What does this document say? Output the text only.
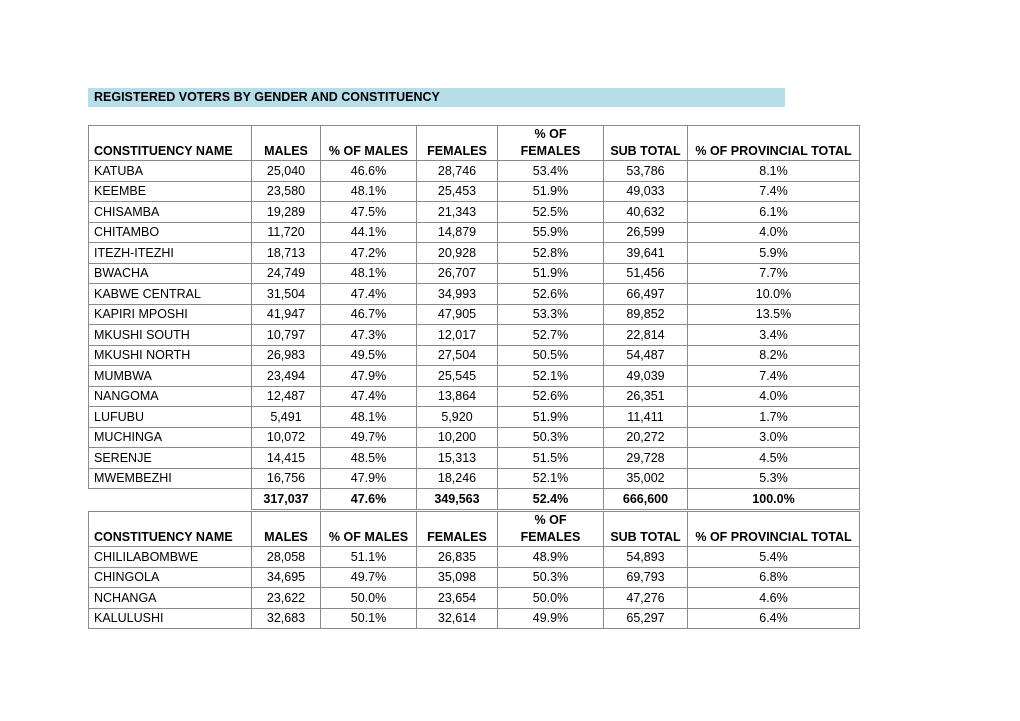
REGISTERED VOTERS BY GENDER AND CONSTITUENCY
CONSTITUENCY NAME	MALES	% OF MALES	FEMALES	% OF FEMALES	SUB TOTAL	% OF PROVINCIAL TOTAL
KATUBA	25,040	46.6%	28,746	53.4%	53,786	8.1%
KEEMBE	23,580	48.1%	25,453	51.9%	49,033	7.4%
CHISAMBA	19,289	47.5%	21,343	52.5%	40,632	6.1%
CHITAMBO	11,720	44.1%	14,879	55.9%	26,599	4.0%
ITEZH-ITEZHI	18,713	47.2%	20,928	52.8%	39,641	5.9%
BWACHA	24,749	48.1%	26,707	51.9%	51,456	7.7%
KABWE CENTRAL	31,504	47.4%	34,993	52.6%	66,497	10.0%
KAPIRI MPOSHI	41,947	46.7%	47,905	53.3%	89,852	13.5%
MKUSHI SOUTH	10,797	47.3%	12,017	52.7%	22,814	3.4%
MKUSHI NORTH	26,983	49.5%	27,504	50.5%	54,487	8.2%
MUMBWA	23,494	47.9%	25,545	52.1%	49,039	7.4%
NANGOMA	12,487	47.4%	13,864	52.6%	26,351	4.0%
LUFUBU	5,491	48.1%	5,920	51.9%	11,411	1.7%
MUCHINGA	10,072	49.7%	10,200	50.3%	20,272	3.0%
SERENJE	14,415	48.5%	15,313	51.5%	29,728	4.5%
MWEMBEZHI	16,756	47.9%	18,246	52.1%	35,002	5.3%
	317,037	47.6%	349,563	52.4%	666,600	100.0%
CONSTITUENCY NAME	MALES	% OF MALES	FEMALES	% OF FEMALES	SUB TOTAL	% OF PROVINCIAL TOTAL
CHILILABOMBWE	28,058	51.1%	26,835	48.9%	54,893	5.4%
CHINGOLA	34,695	49.7%	35,098	50.3%	69,793	6.8%
NCHANGA	23,622	50.0%	23,654	50.0%	47,276	4.6%
KALULUSHI	32,683	50.1%	32,614	49.9%	65,297	6.4%
